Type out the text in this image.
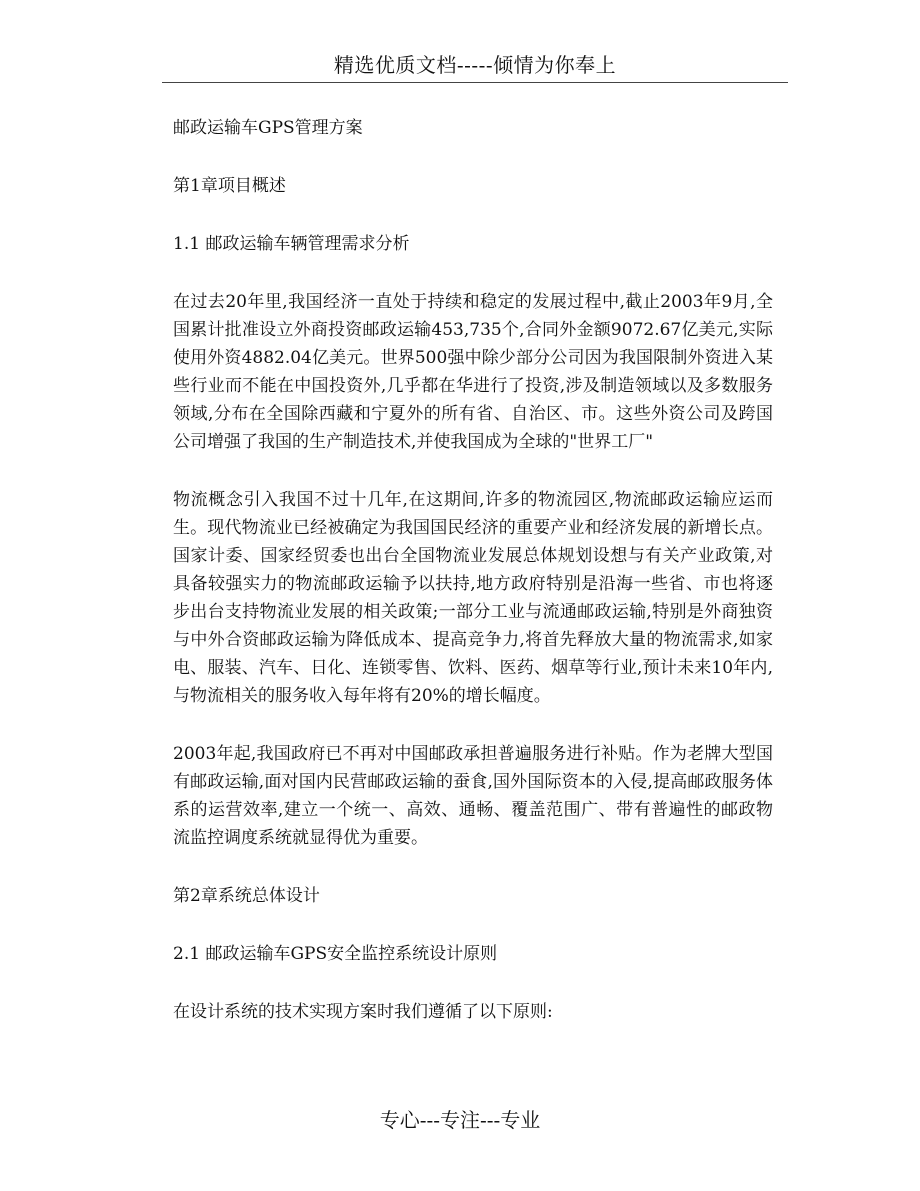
精选优质文档-----倾情为你奉上
邮政运输车GPS管理方案
第1章项目概述
1.1 邮政运输车辆管理需求分析
在过去20年里,我国经济一直处于持续和稳定的发展过程中,截止2003年9月,全国累计批准设立外商投资邮政运输453,735个,合同外金额9072.67亿美元,实际使用外资4882.04亿美元。世界500强中除少部分公司因为我国限制外资进入某些行业而不能在中国投资外,几乎都在华进行了投资,涉及制造领域以及多数服务领域,分布在全国除西藏和宁夏外的所有省、自治区、市。这些外资公司及跨国公司增强了我国的生产制造技术,并使我国成为全球的"世界工厂"
物流概念引入我国不过十几年,在这期间,许多的物流园区,物流邮政运输应运而生。现代物流业已经被确定为我国国民经济的重要产业和经济发展的新增长点。国家计委、国家经贸委也出台全国物流业发展总体规划设想与有关产业政策,对具备较强实力的物流邮政运输予以扶持,地方政府特别是沿海一些省、市也将逐步出台支持物流业发展的相关政策;一部分工业与流通邮政运输,特别是外商独资与中外合资邮政运输为降低成本、提高竞争力,将首先释放大量的物流需求,如家电、服装、汽车、日化、连锁零售、饮料、医药、烟草等行业,预计未来10年内,与物流相关的服务收入每年将有20%的增长幅度。
2003年起,我国政府已不再对中国邮政承担普遍服务进行补贴。作为老牌大型国有邮政运输,面对国内民营邮政运输的蚕食,国外国际资本的入侵,提高邮政服务体系的运营效率,建立一个统一、高效、通畅、覆盖范围广、带有普遍性的邮政物流监控调度系统就显得优为重要。
第2章系统总体设计
2.1 邮政运输车GPS安全监控系统设计原则
在设计系统的技术实现方案时我们遵循了以下原则:
专心---专注---专业
